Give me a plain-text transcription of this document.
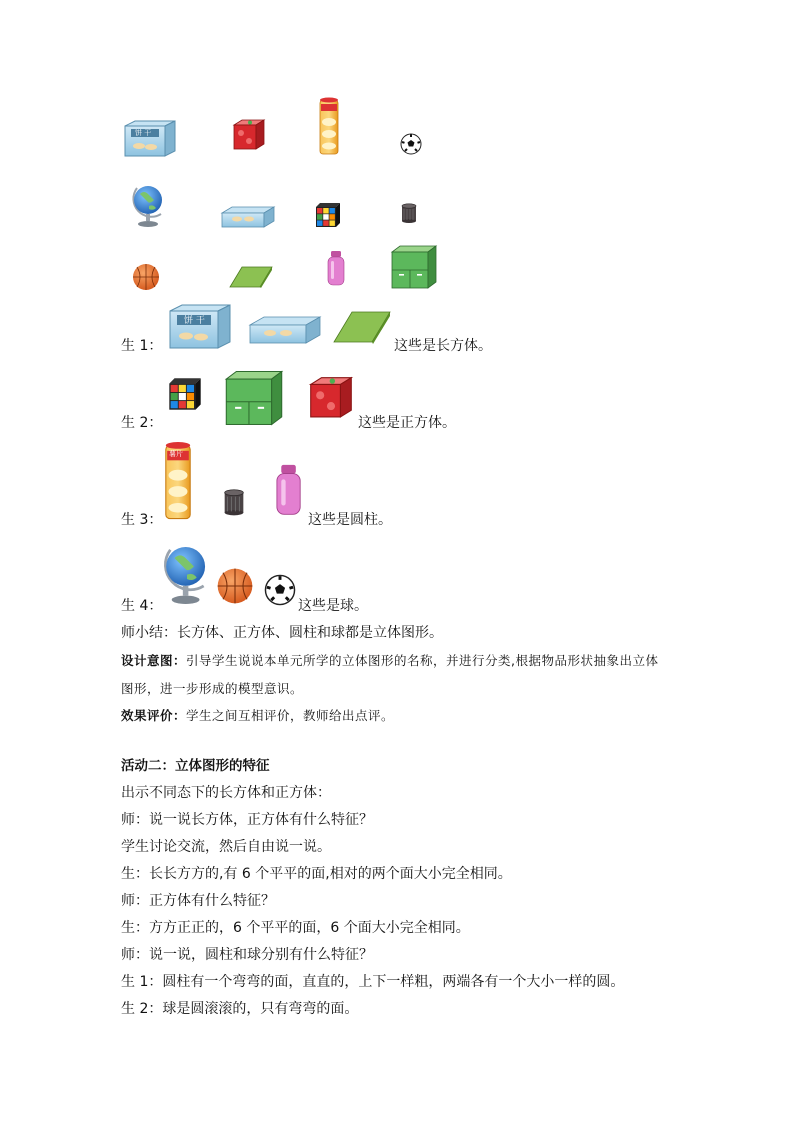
饼 干
饼 干
生 1：	这些是长方体。
生 2：	这些是正方体。
薯片
生 3：	这些是圆柱。
生 4：	这些是球。
师小结：长方体、正方体、圆柱和球都是立体图形。
设计意图：引导学生说说本单元所学的立体图形的名称，并进行分类,根据物品形状抽象出立体
图形，进一步形成的模型意识。
效果评价：学生之间互相评价，教师给出点评。
活动二：立体图形的特征
出示不同态下的长方体和正方体：
师：说一说长方体，正方体有什么特征？
学生讨论交流，然后自由说一说。
生：长长方方的,有 6 个平平的面,相对的两个面大小完全相同。
师：正方体有什么特征？
生：方方正正的，6 个平平的面，6 个面大小完全相同。
师：说一说，圆柱和球分别有什么特征？
生 1：圆柱有一个弯弯的面，直直的，上下一样粗，两端各有一个大小一样的圆。
生 2：球是圆滚滚的，只有弯弯的面。
